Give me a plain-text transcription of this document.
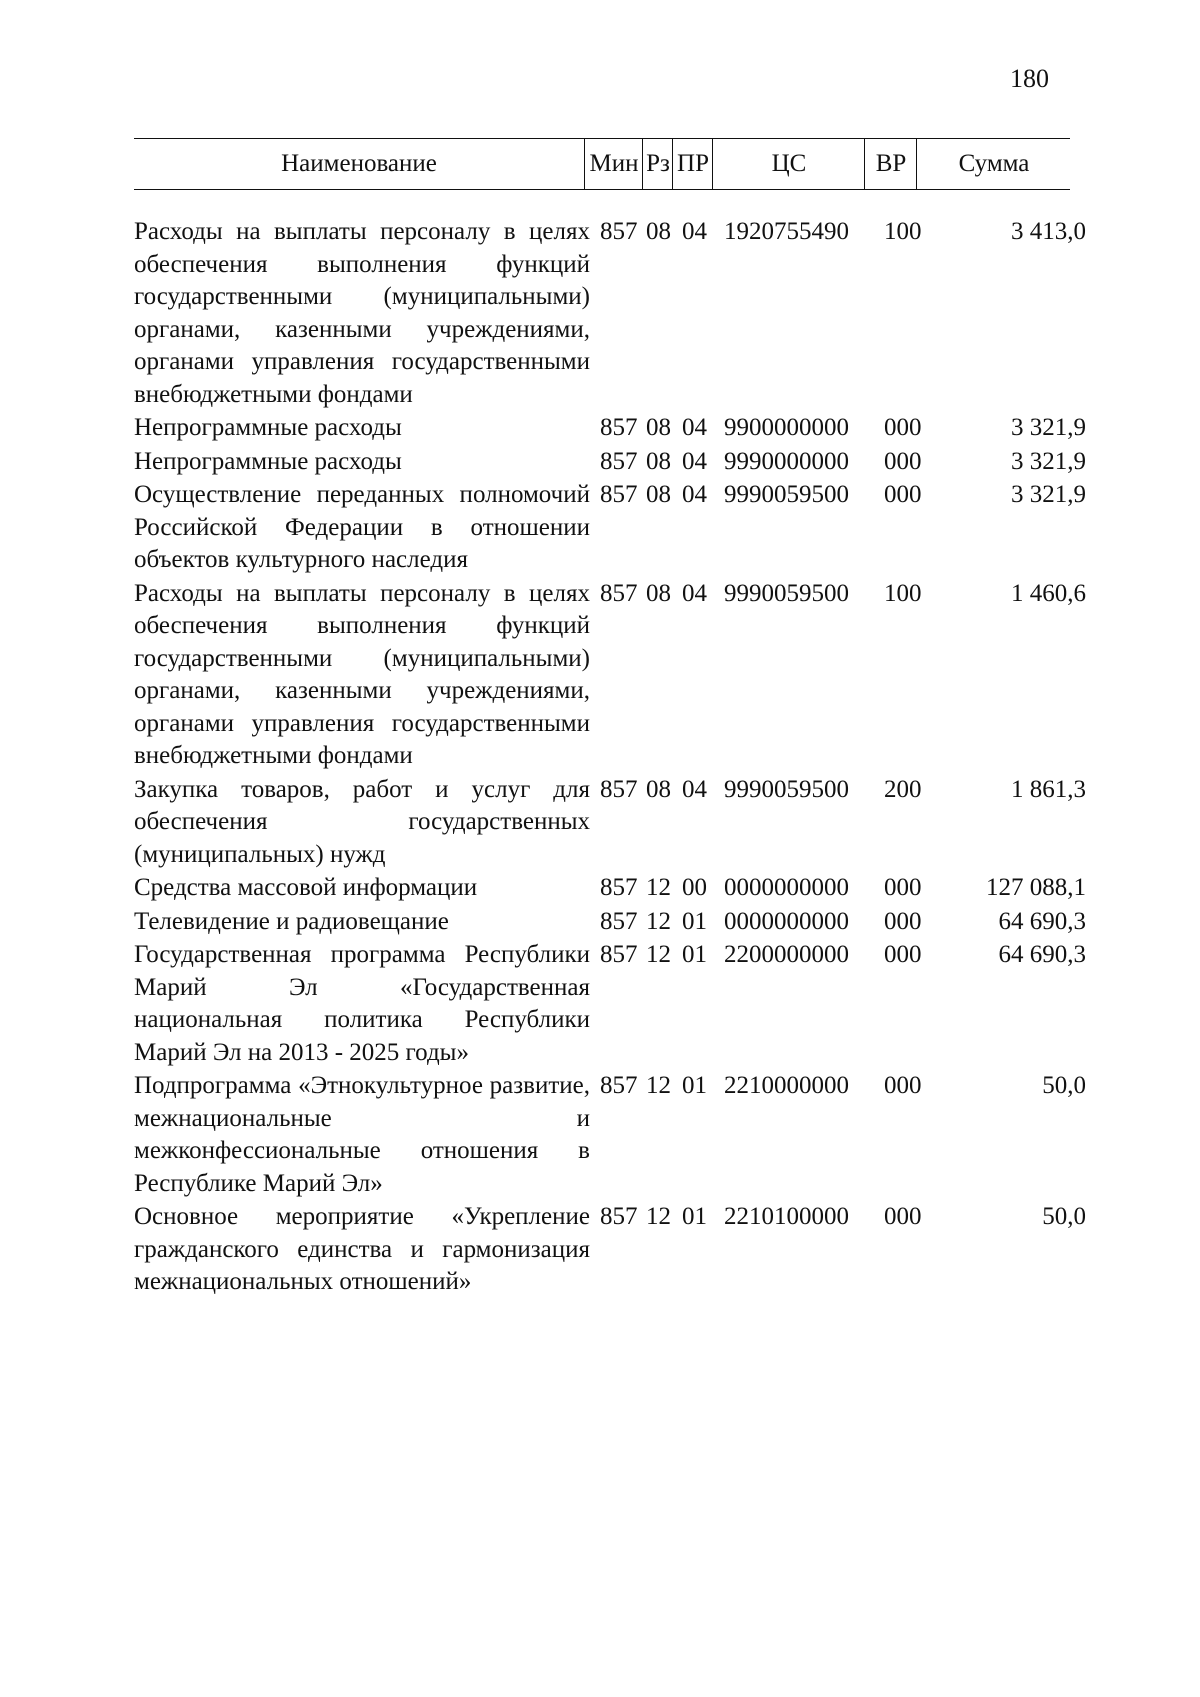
180
Наименование	Мин Рз ПР	ЦС	ВР	Сумма
Расходы на выплаты персоналу в целях обеспечения выполнения функций государственными (муниципальными) органами, казенными учреждениями, органами управления государственными внебюджетными фондами
857 08 04 1920755490 100	3 413,0
Непрограммные расходы	857 08 04 9900000000 000	3 321,9
Непрограммные расходы	857 08 04 9990000000 000	3 321,9
Осуществление переданных полномочий Российской Федерации в отношении объектов культурного наследия
857 08 04 9990059500 000	3 321,9
Расходы на выплаты персоналу в целях обеспечения выполнения функций государственными (муниципальными) органами, казенными учреждениями, органами управления государственными внебюджетными фондами
857 08 04 9990059500 100	1 460,6
Закупка товаров, работ и услуг для обеспечения государственных (муниципальных) нужд
857 08 04 9990059500 200	1 861,3
Средства массовой информации	857 12 00 0000000000 000	127 088,1
Телевидение и радиовещание	857 12 01 0000000000 000	64 690,3
Государственная программа Республики Марий Эл «Государственная национальная политика Республики Марий Эл на 2013 - 2025 годы»
857 12 01 2200000000 000	64 690,3
Подпрограмма «Этнокультурное развитие, межнациональные и межконфессиональные отношения в Республике Марий Эл»
857 12 01 2210000000 000	50,0
Основное мероприятие «Укрепление гражданского единства и гармонизация межнациональных отношений»
857 12 01 2210100000 000	50,0
